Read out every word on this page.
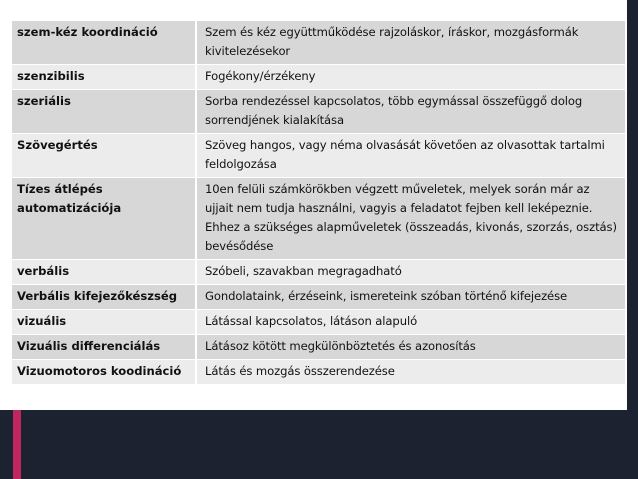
szem-kéz koordináció	Szem és kéz együttműködése rajzoláskor, íráskor, mozgásformák kivitelezésekor
szenzibilis	Fogékony/érzékeny
szeriális	Sorba rendezéssel kapcsolatos, több egymással összefüggő dolog sorrendjének kialakítása
Szövegértés	Szöveg hangos, vagy néma olvasását követően az olvasottak tartalmi feldolgozása
Tízes átlépés automatizációja	10en felüli számkörökben végzett műveletek, melyek során már az ujjait nem tudja használni, vagyis a feladatot fejben kell leképeznie. Ehhez a szükséges alapműveletek (összeadás, kivonás, szorzás, osztás) bevésődése
verbális	Szóbeli, szavakban megragadható
Verbális kifejezőkészség	Gondolataink, érzéseink, ismereteink szóban történő kifejezése
vizuális	Látással kapcsolatos, látáson alapuló
Vizuális differenciálás	Látásoz kötött megkülönböztetés és azonosítás
Vizuomotoros koodináció	Látás és mozgás összerendezése
